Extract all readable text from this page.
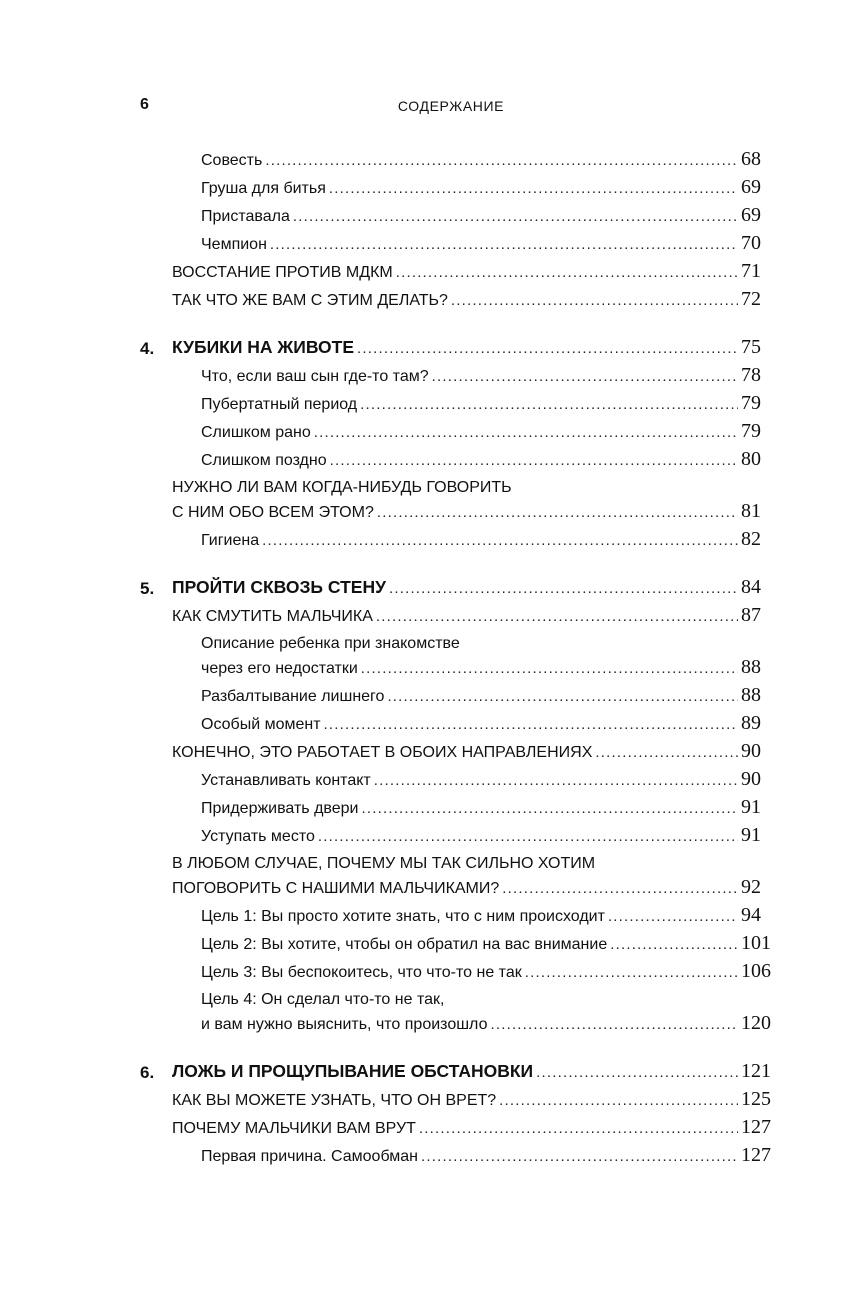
6	СОДЕРЖАНИЕ
Совесть .....	68
Груша для битья .....	69
Приставала .....	69
Чемпион .....	70
ВОССТАНИЕ ПРОТИВ МДКМ .....	71
ТАК ЧТО ЖЕ ВАМ С ЭТИМ ДЕЛАТЬ? .....	72
4. КУБИКИ НА ЖИВОТЕ .....	75
Что, если ваш сын где-то там? .....	78
Пубертатный период .....	79
Слишком рано .....	79
Слишком поздно .....	80
НУЖНО ЛИ ВАМ КОГДА-НИБУДЬ ГОВОРИТЬ
С НИМ ОБО ВСЕМ ЭТОМ? .....	81
Гигиена .....	82
5. ПРОЙТИ СКВОЗЬ СТЕНУ .....	84
КАК СМУТИТЬ МАЛЬЧИКА .....	87
Описание ребенка при знакомстве
через его недостатки .....	88
Разбалтывание лишнего .....	88
Особый момент .....	89
КОНЕЧНО, ЭТО РАБОТАЕТ В ОБОИХ НАПРАВЛЕНИЯХ .....	90
Устанавливать контакт .....	90
Придерживать двери .....	91
Уступать место .....	91
В ЛЮБОМ СЛУЧАЕ, ПОЧЕМУ МЫ ТАК СИЛЬНО ХОТИМ
ПОГОВОРИТЬ С НАШИМИ МАЛЬЧИКАМИ? .....	92
Цель 1: Вы просто хотите знать, что с ним происходит .....	94
Цель 2: Вы хотите, чтобы он обратил на вас внимание .....	101
Цель 3: Вы беспокоитесь, что что-то не так .....	106
Цель 4: Он сделал что-то не так,
и вам нужно выяснить, что произошло .....	120
6. ЛОЖЬ И ПРОЩУПЫВАНИЕ ОБСТАНОВКИ .....	121
КАК ВЫ МОЖЕТЕ УЗНАТЬ, ЧТО ОН ВРЕТ? .....	125
ПОЧЕМУ МАЛЬЧИКИ ВАМ ВРУТ .....	127
Первая причина. Самообман .....	127
